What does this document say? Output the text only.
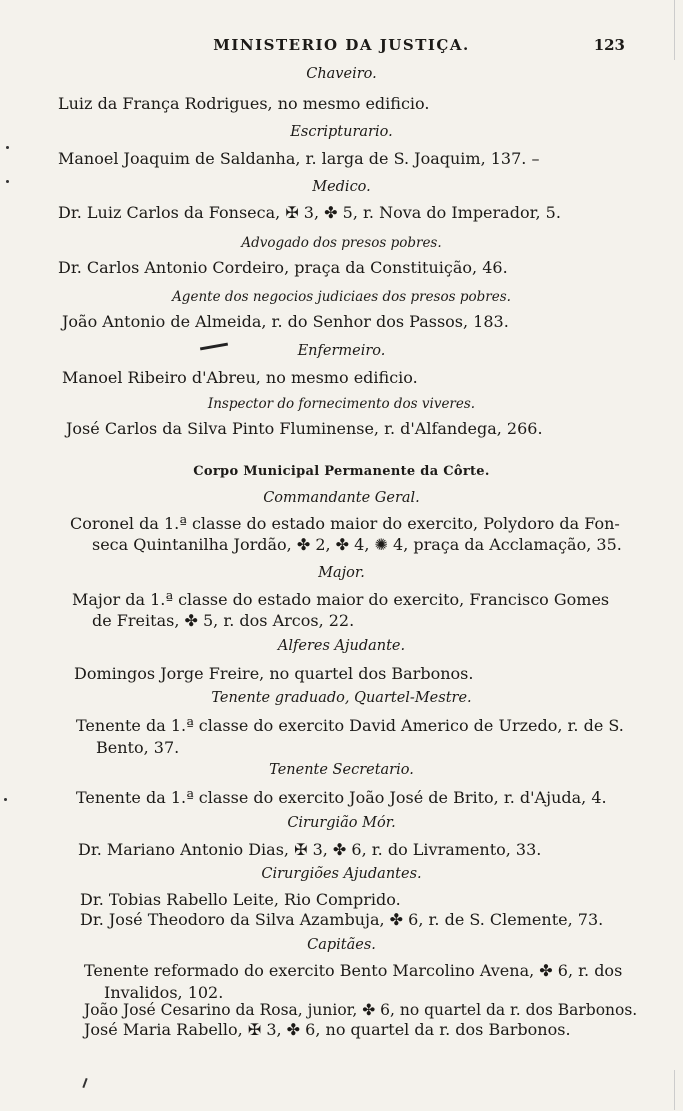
MINISTERIO DA JUSTIÇA.	123
Chaveiro.
Luiz da França Rodrigues, no mesmo edificio.
Escripturario.
Manoel Joaquim de Saldanha, r. larga de S. Joaquim, 137. –
Medico.
Dr. Luiz Carlos da Fonseca, ✠ 3, ✤ 5, r. Nova do Imperador, 5.
Advogado dos presos pobres.
Dr. Carlos Antonio Cordeiro, praça da Constituição, 46.
Agente dos negocios judiciaes dos presos pobres.
João Antonio de Almeida, r. do Senhor dos Passos, 183.
Enfermeiro.
Manoel Ribeiro d'Abreu, no mesmo edificio.
Inspector do fornecimento dos viveres.
José Carlos da Silva Pinto Fluminense, r. d'Alfandega, 266.
Corpo Municipal Permanente da Côrte.
Commandante Geral.
Coronel da 1.ª classe do estado maior do exercito, Polydoro da Fon-
seca Quintanilha Jordão, ✤ 2, ✤ 4, ✺ 4, praça da Acclamação, 35.
Major.
Major da 1.ª classe do estado maior do exercito, Francisco Gomes
de Freitas, ✤ 5, r. dos Arcos, 22.
Alferes Ajudante.
Domingos Jorge Freire, no quartel dos Barbonos.
Tenente graduado, Quartel-Mestre.
Tenente da 1.ª classe do exercito David Americo de Urzedo, r. de S.
Bento, 37.
Tenente Secretario.
Tenente da 1.ª classe do exercito João José de Brito, r. d'Ajuda, 4.
Cirurgião Mór.
Dr. Mariano Antonio Dias, ✠ 3, ✤ 6, r. do Livramento, 33.
Cirurgiões Ajudantes.
Dr. Tobias Rabello Leite, Rio Comprido.
Dr. José Theodoro da Silva Azambuja, ✤ 6, r. de S. Clemente, 73.
Capitães.
Tenente reformado do exercito Bento Marcolino Avena, ✤ 6, r. dos
Invalidos, 102.
João José Cesarino da Rosa, junior, ✤ 6, no quartel da r. dos Barbonos.
José Maria Rabello, ✠ 3, ✤ 6, no quartel da r. dos Barbonos.
